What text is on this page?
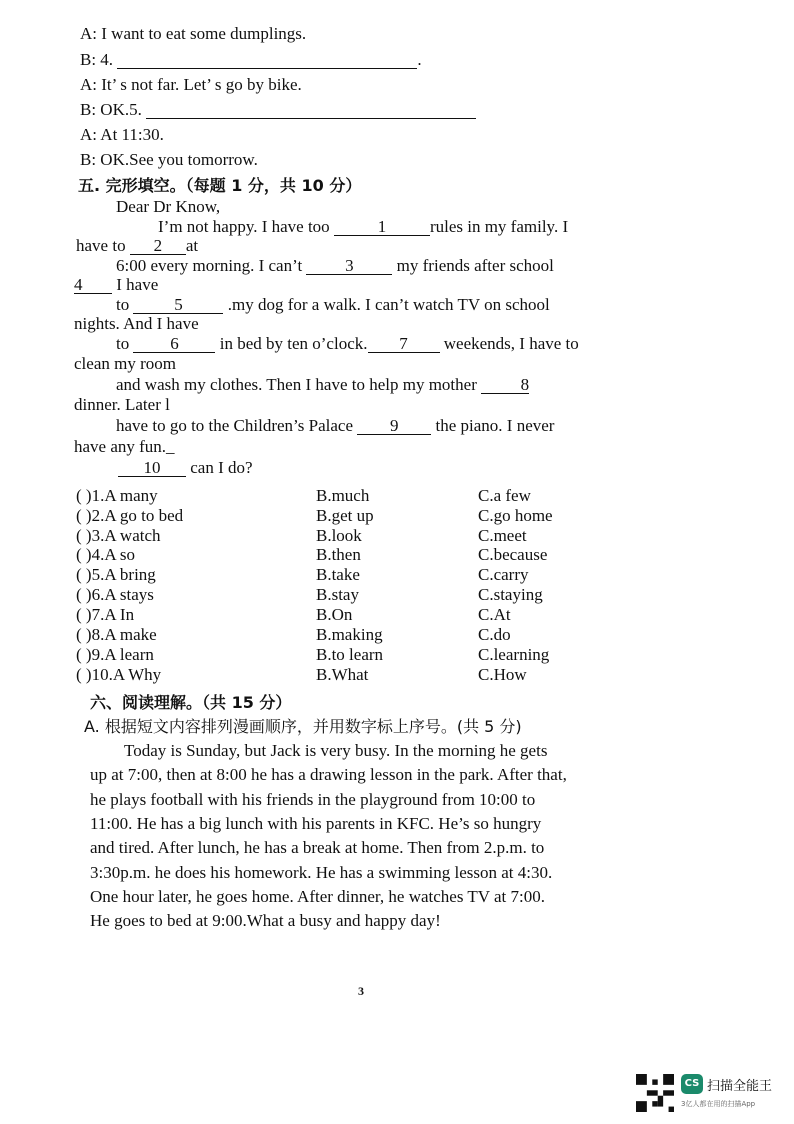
A: I want to eat some dumplings.
B: 4.	.
A: It’ s not far. Let’ s go by bike.
B: OK.5.
A: At 11:30.
B: OK.See you tomorrow.
五. 完形填空。（每题 1 分，共 10 分）
Dear Dr Know,
I’m not happy. I have too	1	rules in my family. I
have to 2 at
6:00 every morning. I can’t	3	my friends after school
4 I have
to	5	.my dog for a walk. I can’t watch TV on school
nights. And I have
to 6 in bed by ten o’clock. 7 weekends, I have to
clean my room
and wash my clothes. Then I have to help my mother	8
dinner. Later l
have to go to the Children’s Palace 9 the piano. I never
have any fun._
10 can I do?
( )1.A many	B.much	C.a few
( )2.A go to bed	B.get up	C.go home
( )3.A watch	B.look	C.meet
( )4.A so	B.then	C.because
( )5.A bring	B.take	C.carry
( )6.A stays	B.stay	C.staying
( )7.A In	B.On	C.At
( )8.A make	B.making	C.do
( )9.A learn	B.to learn	C.learning
( )10.A Why	B.What	C.How
六、阅读理解。（共 15 分）
A. 根据短文内容排列漫画顺序，并用数字标上序号。(共 5 分)
Today is Sunday, but Jack is very busy. In the morning he gets
up at 7:00, then at 8:00 he has a drawing lesson in the park. After that,
he plays football with his friends in the playground from 10:00 to
11:00. He has a big lunch with his parents in KFC. He’s so hungry
and tired. After lunch, he has a break at home. Then from 2.p.m. to
3:30p.m. he does his homework. He has a swimming lesson at 4:30.
One hour later, he goes home. After dinner, he watches TV at 7:00.
He goes to bed at 9:00.What a busy and happy day!
3
CS 扫描全能王
3亿人都在用的扫描App
